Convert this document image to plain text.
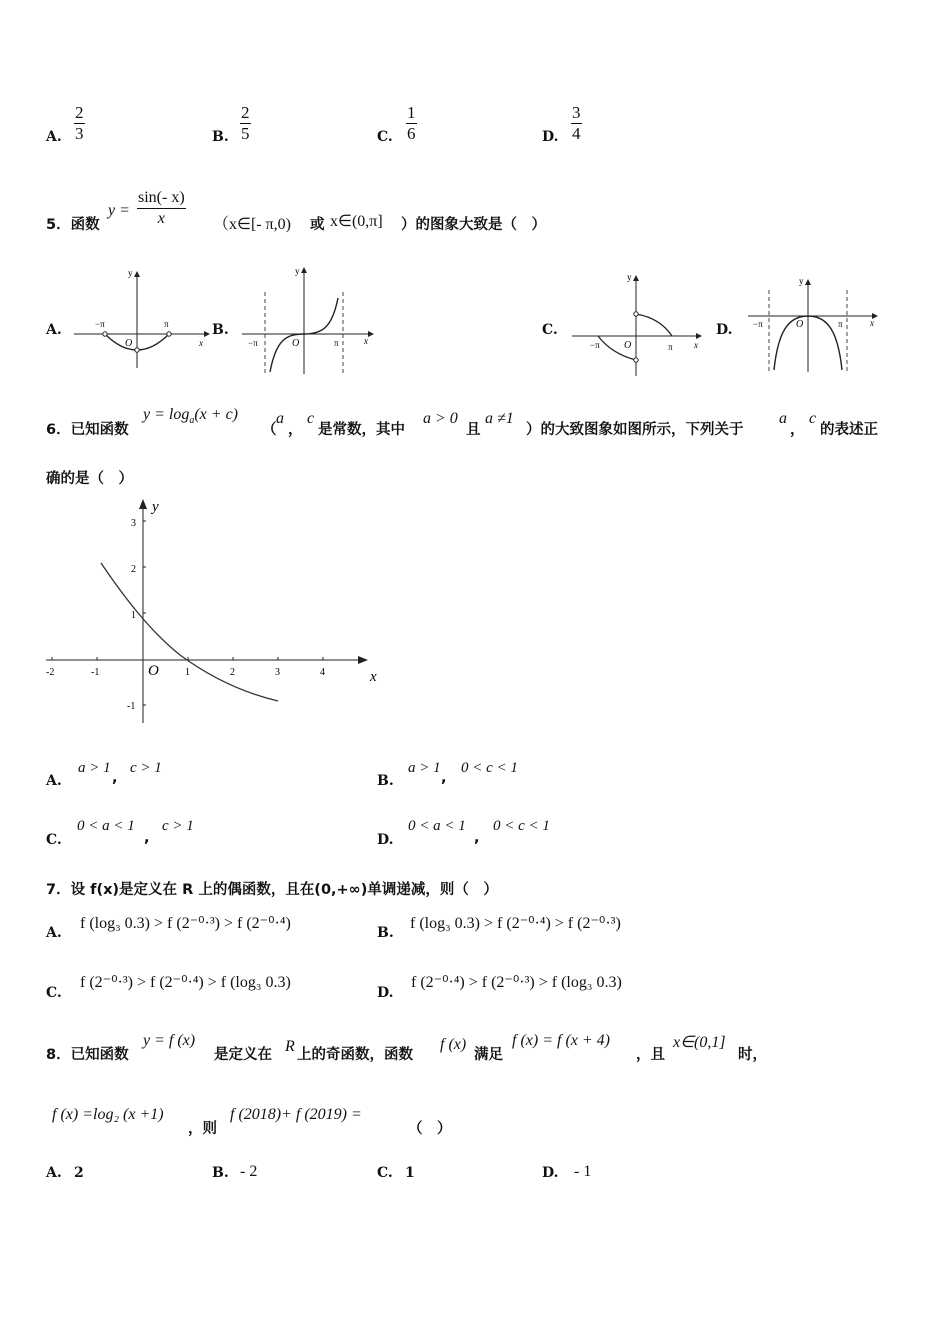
A. $\frac{2}{3}$	B. $\frac{2}{5}$	C. $\frac{1}{6}$	D. $\frac{3}{4}$
5．函数
$y = \frac{\sin(- x)}{x}$ （x∈[- π,0) 或 x∈(0,π] ）的图象大致是（　）
A.
y
x
O
−π	π	B.
y
x
O
−π	π
C.
y
x
O
−π	π
D.
y
x
O
−π	π
6．已知函数
$y = \log_a(x + c)$
（
a
，
c
是常数，其中
a > 0
且
a ≠1
）的大致图象如图所示，下列关于
a
，
c
的表述正
确的是（　）
-2	-1	1	2	3	4
3
2
1
-1
O
y
x
A.
a > 1
,
c > 1
B.
a > 1
,
0 < c < 1
C.
0 < a < 1
,
c > 1
D.
0 < a < 1
,
0 < c < 1
7．设 f(x)是定义在 R 上的偶函数，且在(0,+∞)单调递减，则（　）
A.
f (log₃ 0.3) > f (2⁻⁰·³) > f (2⁻⁰·⁴)
B.
f (log₃ 0.3) > f (2⁻⁰·⁴) > f (2⁻⁰·³)
C.
f (2⁻⁰·³) > f (2⁻⁰·⁴) > f (log₃ 0.3)
D.
f (2⁻⁰·⁴) > f (2⁻⁰·³) > f (log₃ 0.3)
8．已知函数
y = f (x)
是定义在 R 上的奇函数，函数
f (x)
满足
f (x) = f (x + 4)
，且
x∈(0,1]
时，
f (x) =log₂ (x +1)
，则
f (2018)+ f (2019) =
（　）
A. 2	B. - 2	C. 1	D. - 1
